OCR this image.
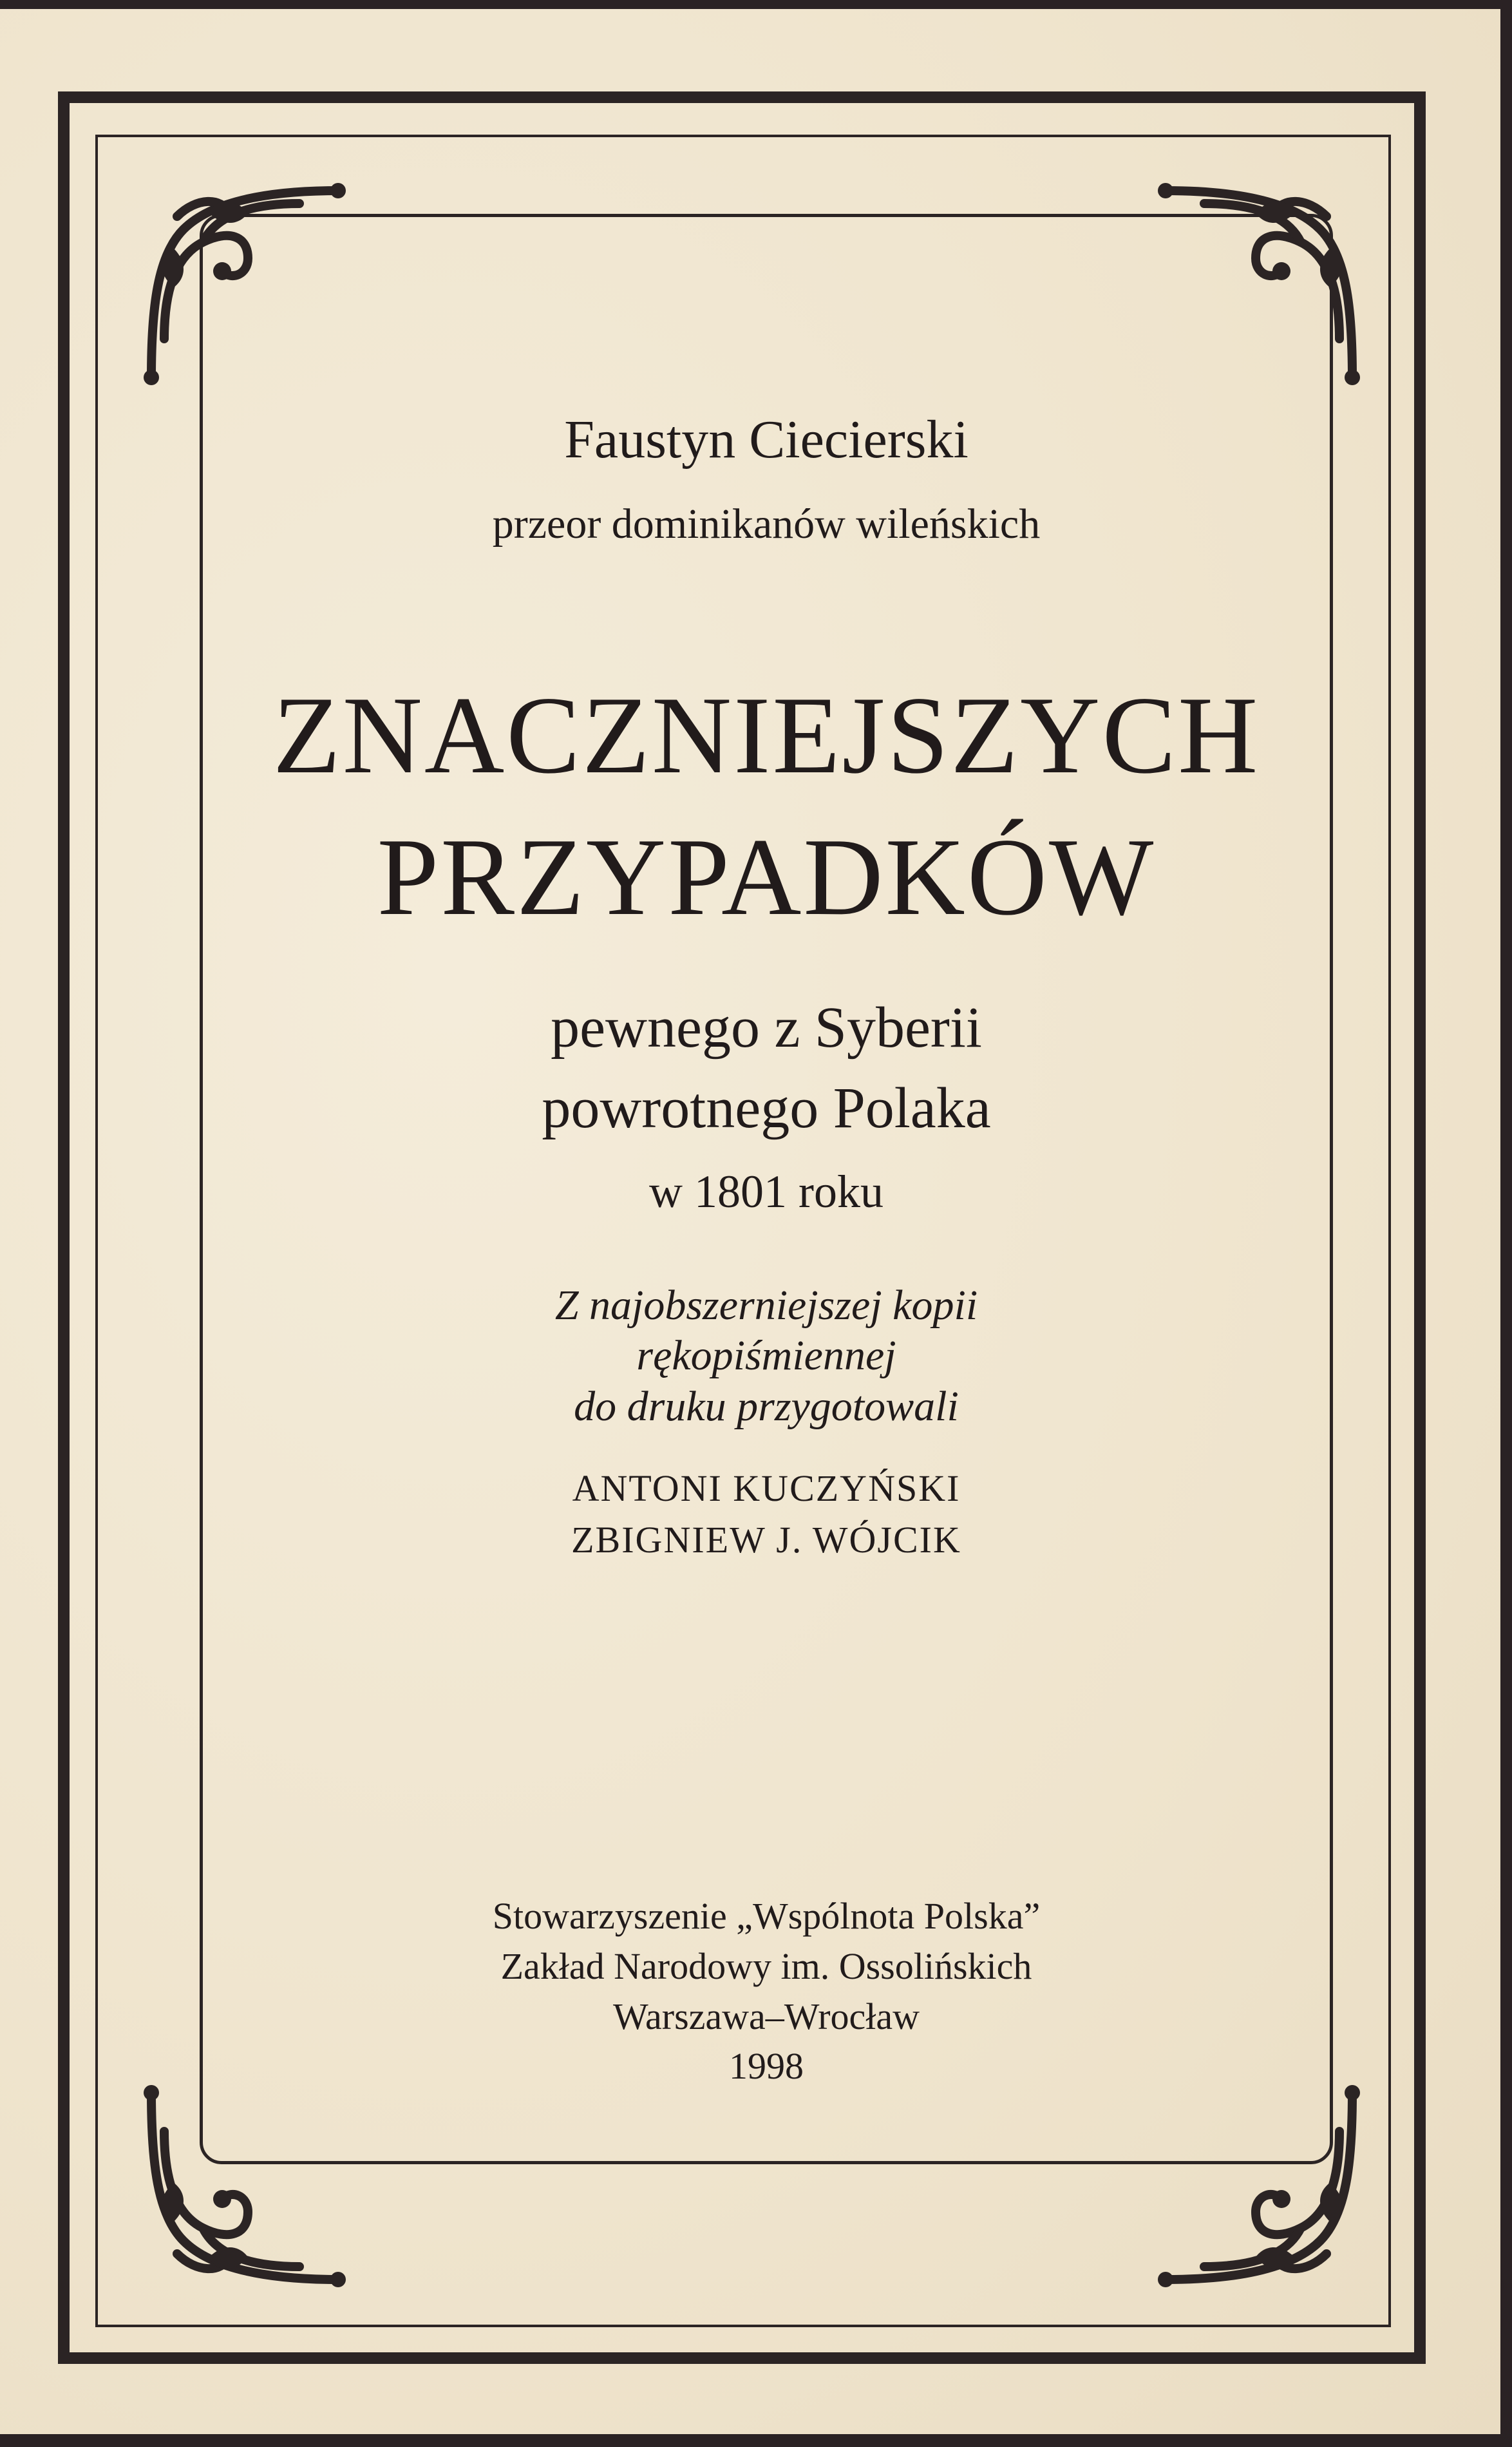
Faustyn Ciecierski
przeor dominikanów wileńskich
ZNACZNIEJSZYCH
PRZYPADKÓW
pewnego z Syberii
powrotnego Polaka
w 1801 roku
Z najobszerniejszej kopii
rękopiśmiennej
do druku przygotowali
ANTONI KUCZYŃSKI
ZBIGNIEW J. WÓJCIK
Stowarzyszenie „Wspólnota Polska”
Zakład Narodowy im. Ossolińskich
Warszawa–Wrocław
1998
